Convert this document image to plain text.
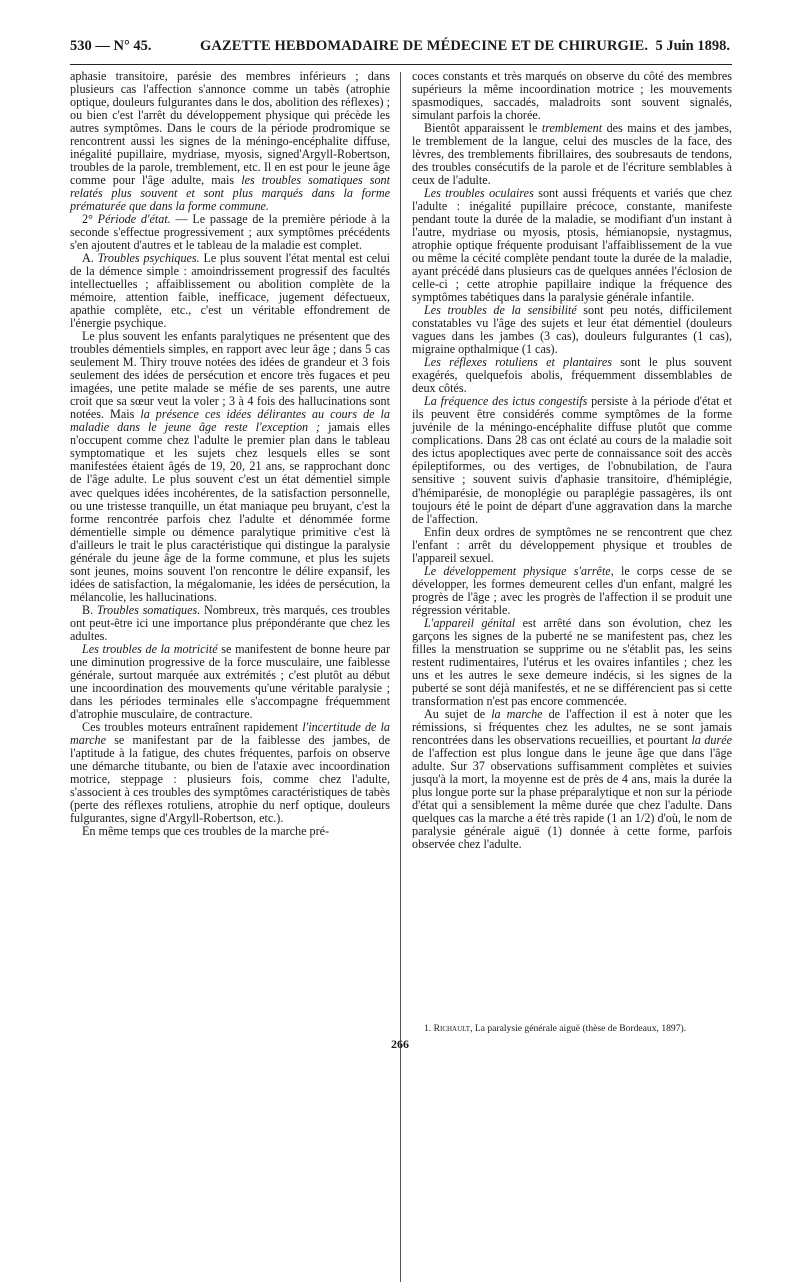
530 — N° 45.	GAZETTE HEBDOMADAIRE DE MÉDECINE ET DE CHIRURGIE. 5 Juin 1898.

aphasie transitoire, parésie des membres inférieurs ; dans plusieurs cas l'affection s'annonce comme un tabès (atrophie optique, douleurs fulgurantes dans le dos, abolition des réflexes) ; ou bien c'est l'arrêt du développement physique qui précède les autres symptômes. Dans le cours de la période prodromique se rencontrent aussi les signes de la méningo-encéphalite diffuse, inégalité pupillaire, mydriase, myosis, signed'Argyll-Robertson, troubles de la parole, tremblement, etc. Il en est pour le jeune âge comme pour l'âge adulte, mais les troubles somatiques sont relatés plus souvent et sont plus marqués dans la forme prématurée que dans la forme commune.

2° Période d'état. — Le passage de la première période à la seconde s'effectue progressivement ; aux symptômes précédents s'en ajoutent d'autres et le tableau de la maladie est complet.

A. Troubles psychiques. Le plus souvent l'état mental est celui de la démence simple : amoindrissement progressif des facultés intellectuelles ; affaiblissement ou abolition complète de la mémoire, attention faible, inefficace, jugement défectueux, apathie complète, etc., c'est un véritable effondrement de l'énergie psychique.

Le plus souvent les enfants paralytiques ne présentent que des troubles démentiels simples, en rapport avec leur âge ; dans 5 cas seulement M. Thiry trouve notées des idées de grandeur et 3 fois seulement des idées de persécution et encore très fugaces et peu imagées, une petite malade se méfie de ses parents, une autre croit que sa sœur veut la voler ; 3 à 4 fois des hallucinations sont notées. Mais la présence ces idées délirantes au cours de la maladie dans le jeune âge reste l'exception ; jamais elles n'occupent comme chez l'adulte le premier plan dans le tableau symptomatique et les sujets chez lesquels elles se sont manifestées étaient âgés de 19, 20, 21 ans, se rapprochant donc de l'âge adulte. Le plus souvent c'est un état démentiel simple avec quelques idées incohérentes, de la satisfaction personnelle, ou une tristesse tranquille, un état maniaque peu bruyant, c'est la forme rencontrée parfois chez l'adulte et dénommée forme démentielle simple ou démence paralytique primitive c'est là d'ailleurs le trait le plus caractéristique qui distingue la paralysie générale du jeune âge de la forme commune, et plus les sujets sont jeunes, moins souvent l'on rencontre le délire expansif, les idées de satisfaction, la mégalomanie, les idées de persécution, la mélancolie, les hallucinations.

B. Troubles somatiques. Nombreux, très marqués, ces troubles ont peut-être ici une importance plus prépondérante que chez les adultes.

Les troubles de la motricité se manifestent de bonne heure par une diminution progressive de la force musculaire, une faiblesse générale, surtout marquée aux extrémités ; c'est plutôt au début une incoordination des mouvements qu'une véritable paralysie ; dans les périodes terminales elle s'accompagne fréquemment d'atrophie musculaire, de contracture.

Ces troubles moteurs entraînent rapidement l'incertitude de la marche se manifestant par de la faiblesse des jambes, de l'aptitude à la fatigue, des chutes fréquentes, parfois on observe une démarche titubante, ou bien de l'ataxie avec incoordination motrice, steppage : plusieurs fois, comme chez l'adulte, s'associent à ces troubles des symptômes caractéristiques de tabès (perte des réflexes rotuliens, atrophie du nerf optique, douleurs fulgurantes, signe d'Argyll-Robertson, etc.).

En même temps que ces troubles de la marche pré-

coces constants et très marqués on observe du côté des membres supérieurs la même incoordination motrice ; les mouvements spasmodiques, saccadés, maladroits sont souvent signalés, simulant parfois la chorée.

Bientôt apparaissent le tremblement des mains et des jambes, le tremblement de la langue, celui des muscles de la face, des lèvres, des tremblements fibrillaires, des soubresauts de tendons, des troubles consécutifs de la parole et de l'écriture semblables à ceux de l'adulte.

Les troubles oculaires sont aussi fréquents et variés que chez l'adulte : inégalité pupillaire précoce, constante, manifeste pendant toute la durée de la maladie, se modifiant d'un instant à l'autre, mydriase ou myosis, ptosis, hémianopsie, nystagmus, atrophie optique fréquente produisant l'affaiblissement de la vue ou même la cécité complète pendant toute la durée de la maladie, ayant précédé dans plusieurs cas de quelques années l'éclosion de celle-ci ; cette atrophie papillaire indique la fréquence des symptômes tabétiques dans la paralysie générale infantile.

Les troubles de la sensibilité sont peu notés, difficilement constatables vu l'âge des sujets et leur état démentiel (douleurs vagues dans les jambes (3 cas), douleurs fulgurantes (1 cas), migraine opthalmique (1 cas).

Les réflexes rotuliens et plantaires sont le plus souvent exagérés, quelquefois abolis, fréquemment dissemblables de deux côtés.

La fréquence des ictus congestifs persiste à la période d'état et ils peuvent être considérés comme symptômes de la forme juvénile de la méningo-encéphalite diffuse plutôt que comme complications. Dans 28 cas ont éclaté au cours de la maladie soit des ictus apoplectiques avec perte de connaissance soit des accès épileptiformes, ou des vertiges, de l'obnubilation, de l'aura sensitive ; souvent suivis d'aphasie transitoire, d'hémiplégie, d'hémiparésie, de monoplégie ou paraplégie passagères, ils ont toujours été le point de départ d'une aggravation dans la marche de l'affection.

Enfin deux ordres de symptômes ne se rencontrent que chez l'enfant : arrêt du développement physique et troubles de l'appareil sexuel.

Le développement physique s'arrête, le corps cesse de se développer, les formes demeurent celles d'un enfant, malgré les progrès de l'âge ; avec les progrès de l'affection il se produit une régression véritable.

L'appareil génital est arrêté dans son évolution, chez les garçons les signes de la puberté ne se manifestent pas, chez les filles la menstruation se supprime ou ne s'établit pas, les seins restent rudimentaires, l'utérus et les ovaires infantiles ; chez les uns et les autres le sexe demeure indécis, si les signes de la puberté se sont déjà manifestés, et ne se différencient pas si cette transformation n'est pas encore commencée.

Au sujet de la marche de l'affection il est à noter que les rémissions, si fréquentes chez les adultes, ne se sont jamais rencontrées dans les observations recueillies, et pourtant la durée de l'affection est plus longue dans le jeune âge que dans l'âge adulte. Sur 37 observations suffisamment complètes et suivies jusqu'à la mort, la moyenne est de près de 4 ans, mais la durée la plus longue porte sur la phase préparalytique et non sur la période d'état qui a sensiblement la même durée que chez l'adulte. Dans quelques cas la marche a été très rapide (1 an 1/2) d'où, le nom de paralysie générale aiguë (1) donnée à cette forme, parfois observée chez l'adulte.

1. Richault, La paralysie générale aiguë (thèse de Bordeaux, 1897).
266
